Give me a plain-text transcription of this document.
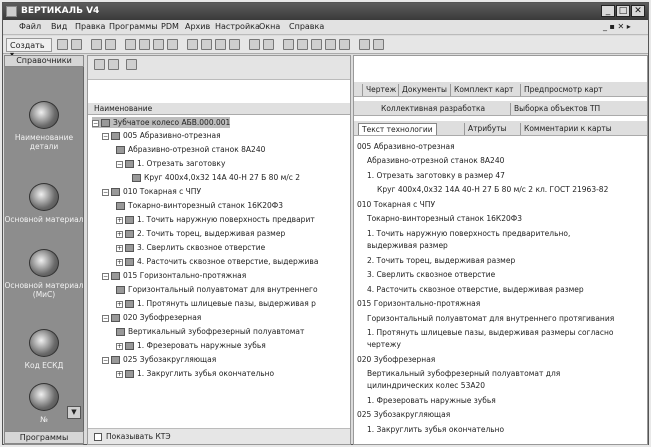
ВЕРТИКАЛЬ V4	_ □ ✕
Файл Вид Правка Программы PDM Архив Настройка Окна Справка	_ ▪ ✕ ▸
Создать
Справочники
Наименование детали
Основной материал
Основной материал (МиС)
Код ЕСКД
№
▼
Программы
Наименование
− Зубчатое колесо АБВ.000.001
− 005 Абразивно-отрезная
Абразивно-отрезной станок 8А240
− 1. Отрезать заготовку
Круг 400х4,0х32 14А 40-Н 27 Б 80 м/с 2
− 010 Токарная с ЧПУ
Токарно-винторезный станок 16К20Ф3
+ 1. Точить наружную поверхность предварит
+ 2. Точить торец, выдерживая размер
+ 3. Сверлить сквозное отверстие
+ 4. Расточить сквозное отверстие, выдержива
− 015 Горизонтально-протяжная
Горизонтальный полуавтомат для внутреннего
+ 1. Протянуть шлицевые пазы, выдерживая р
− 020 Зубофрезерная
Вертикальный зубофрезерный полуавтомат
+ 1. Фрезеровать наружные зубья
− 025 Зубозакругляющая
+ 1. Закруглить зубья окончательно
Показывать КТЭ
Чертеж Документы Комплект карт	Предпросмотр карт
Коллективная разработка	Выборка объектов ТП
Текст технологии	Атрибуты	Комментарии к карты
005 Абразивно-отрезная
Абразивно-отрезной станок 8А240
1. Отрезать заготовку в размер 47
Круг 400х4,0х32 14А 40-Н 27 Б 80 м/с 2 кл. ГОСТ 21963-82
010 Токарная с ЧПУ
Токарно-винторезный станок 16К20Ф3
1. Точить наружную поверхность предварительно,
выдерживая размер
2. Точить торец, выдерживая размер
3. Сверлить сквозное отверстие
4. Расточить сквозное отверстие, выдерживая размер
015 Горизонтально-протяжная
Горизонтальный полуавтомат для внутреннего протягивания
1. Протянуть шлицевые пазы, выдерживая размеры согласно
чертежу
020 Зубофрезерная
Вертикальный зубофрезерный полуавтомат для
цилиндрических колес 53А20
1. Фрезеровать наружные зубья
025 Зубозакругляющая
1. Закруглить зубья окончательно
